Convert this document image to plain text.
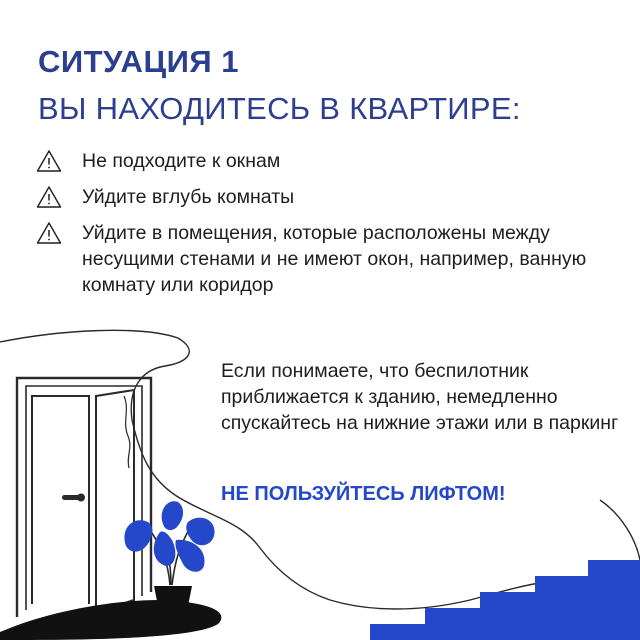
СИТУАЦИЯ 1
ВЫ НАХОДИТЕСЬ В КВАРТИРЕ:
Не подходите к окнам
Уйдите вглубь комнаты
Уйдите в помещения, которые расположены между несущими стенами и не имеют окон, например, ванную комнату или коридор

Если понимаете, что беспилотник приближается к зданию, немедленно спускайтесь на нижние этажи или в паркинг

НЕ ПОЛЬЗУЙТЕСЬ ЛИФТОМ!
